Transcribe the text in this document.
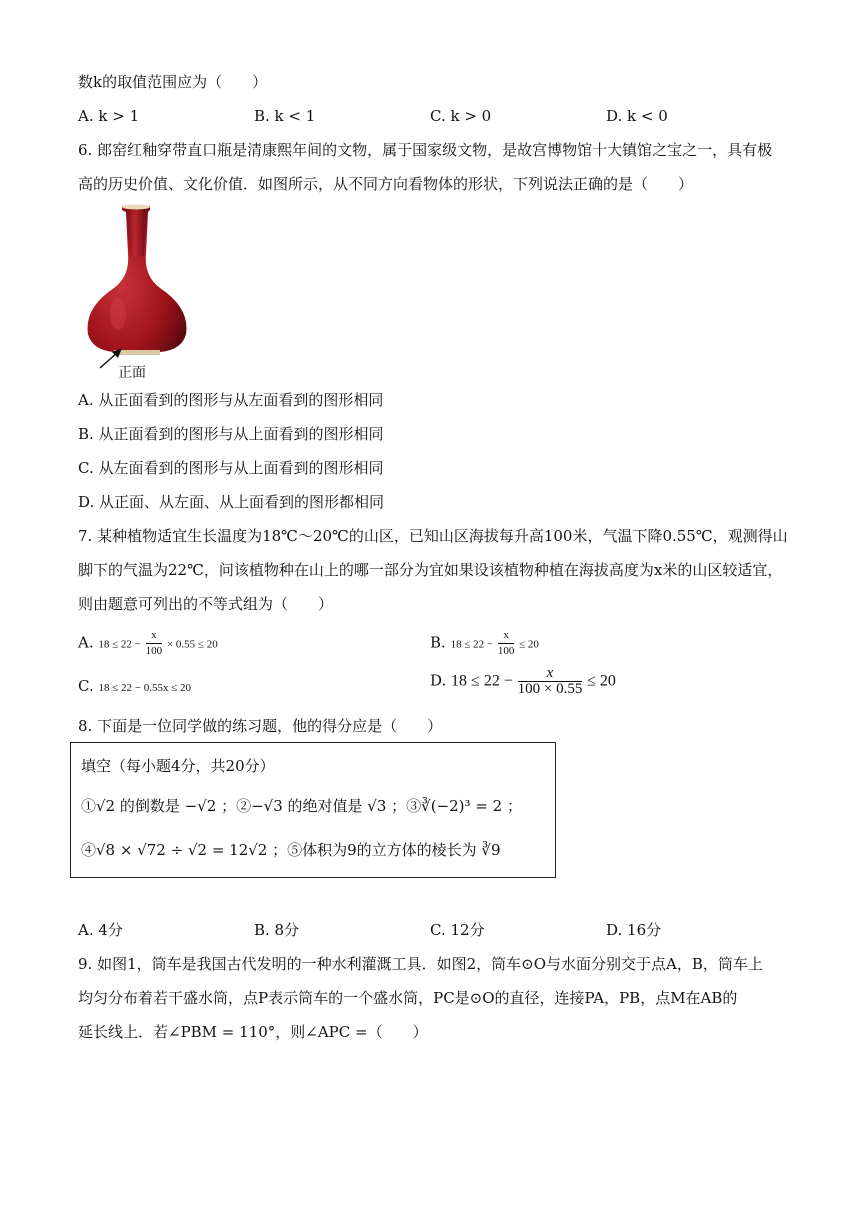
数k的取值范围应为（　　）
A. k > 1	B. k < 1	C. k > 0	D. k < 0
6. 郎窑红釉穿带直口瓶是清康熙年间的文物，属于国家级文物，是故宫博物馆十大镇馆之宝之一，具有极
高的历史价值、文化价值．如图所示，从不同方向看物体的形状，下列说法正确的是（　　）
正面
A. 从正面看到的图形与从左面看到的图形相同
B. 从正面看到的图形与从上面看到的图形相同
C. 从左面看到的图形与从上面看到的图形相同
D. 从正面、从左面、从上面看到的图形都相同
7. 某种植物适宜生长温度为18℃～20℃的山区，已知山区海拔每升高100米，气温下降0.55℃，观测得山
脚下的气温为22℃，问该植物种在山上的哪一部分为宜如果设该植物种植在海拔高度为x米的山区较适宜，
则由题意可列出的不等式组为（　　）
A. $18 \le 22 - \frac{x}{100} \times 0.55 \le 20$	B. $18 \le 22 - \frac{x}{100} \le 20$
C. 18 ≤ 22 − 0.55x ≤ 20	D. $18 \le 22 - \frac{x}{100 \times 0.55} \le 20$
8. 下面是一位同学做的练习题，他的得分应是（　　）
填空（每小题4分，共20分）
①√2 的倒数是 −√2 ；②−√3 的绝对值是 √3 ；③∛(−2)³ = 2 ；
④√8 × √72 ÷ √2 = 12√2 ；⑤体积为9的立方体的棱长为 ∛9
A. 4分	B. 8分	C. 12分	D. 16分
9. 如图1，筒车是我国古代发明的一种水利灌溉工具．如图2，筒车⊙O与水面分别交于点A，B，筒车上
均匀分布着若干盛水筒，点P表示筒车的一个盛水筒，PC是⊙O的直径，连接PA，PB，点M在AB的
延长线上．若∠PBM = 110°，则∠APC =（　　）
